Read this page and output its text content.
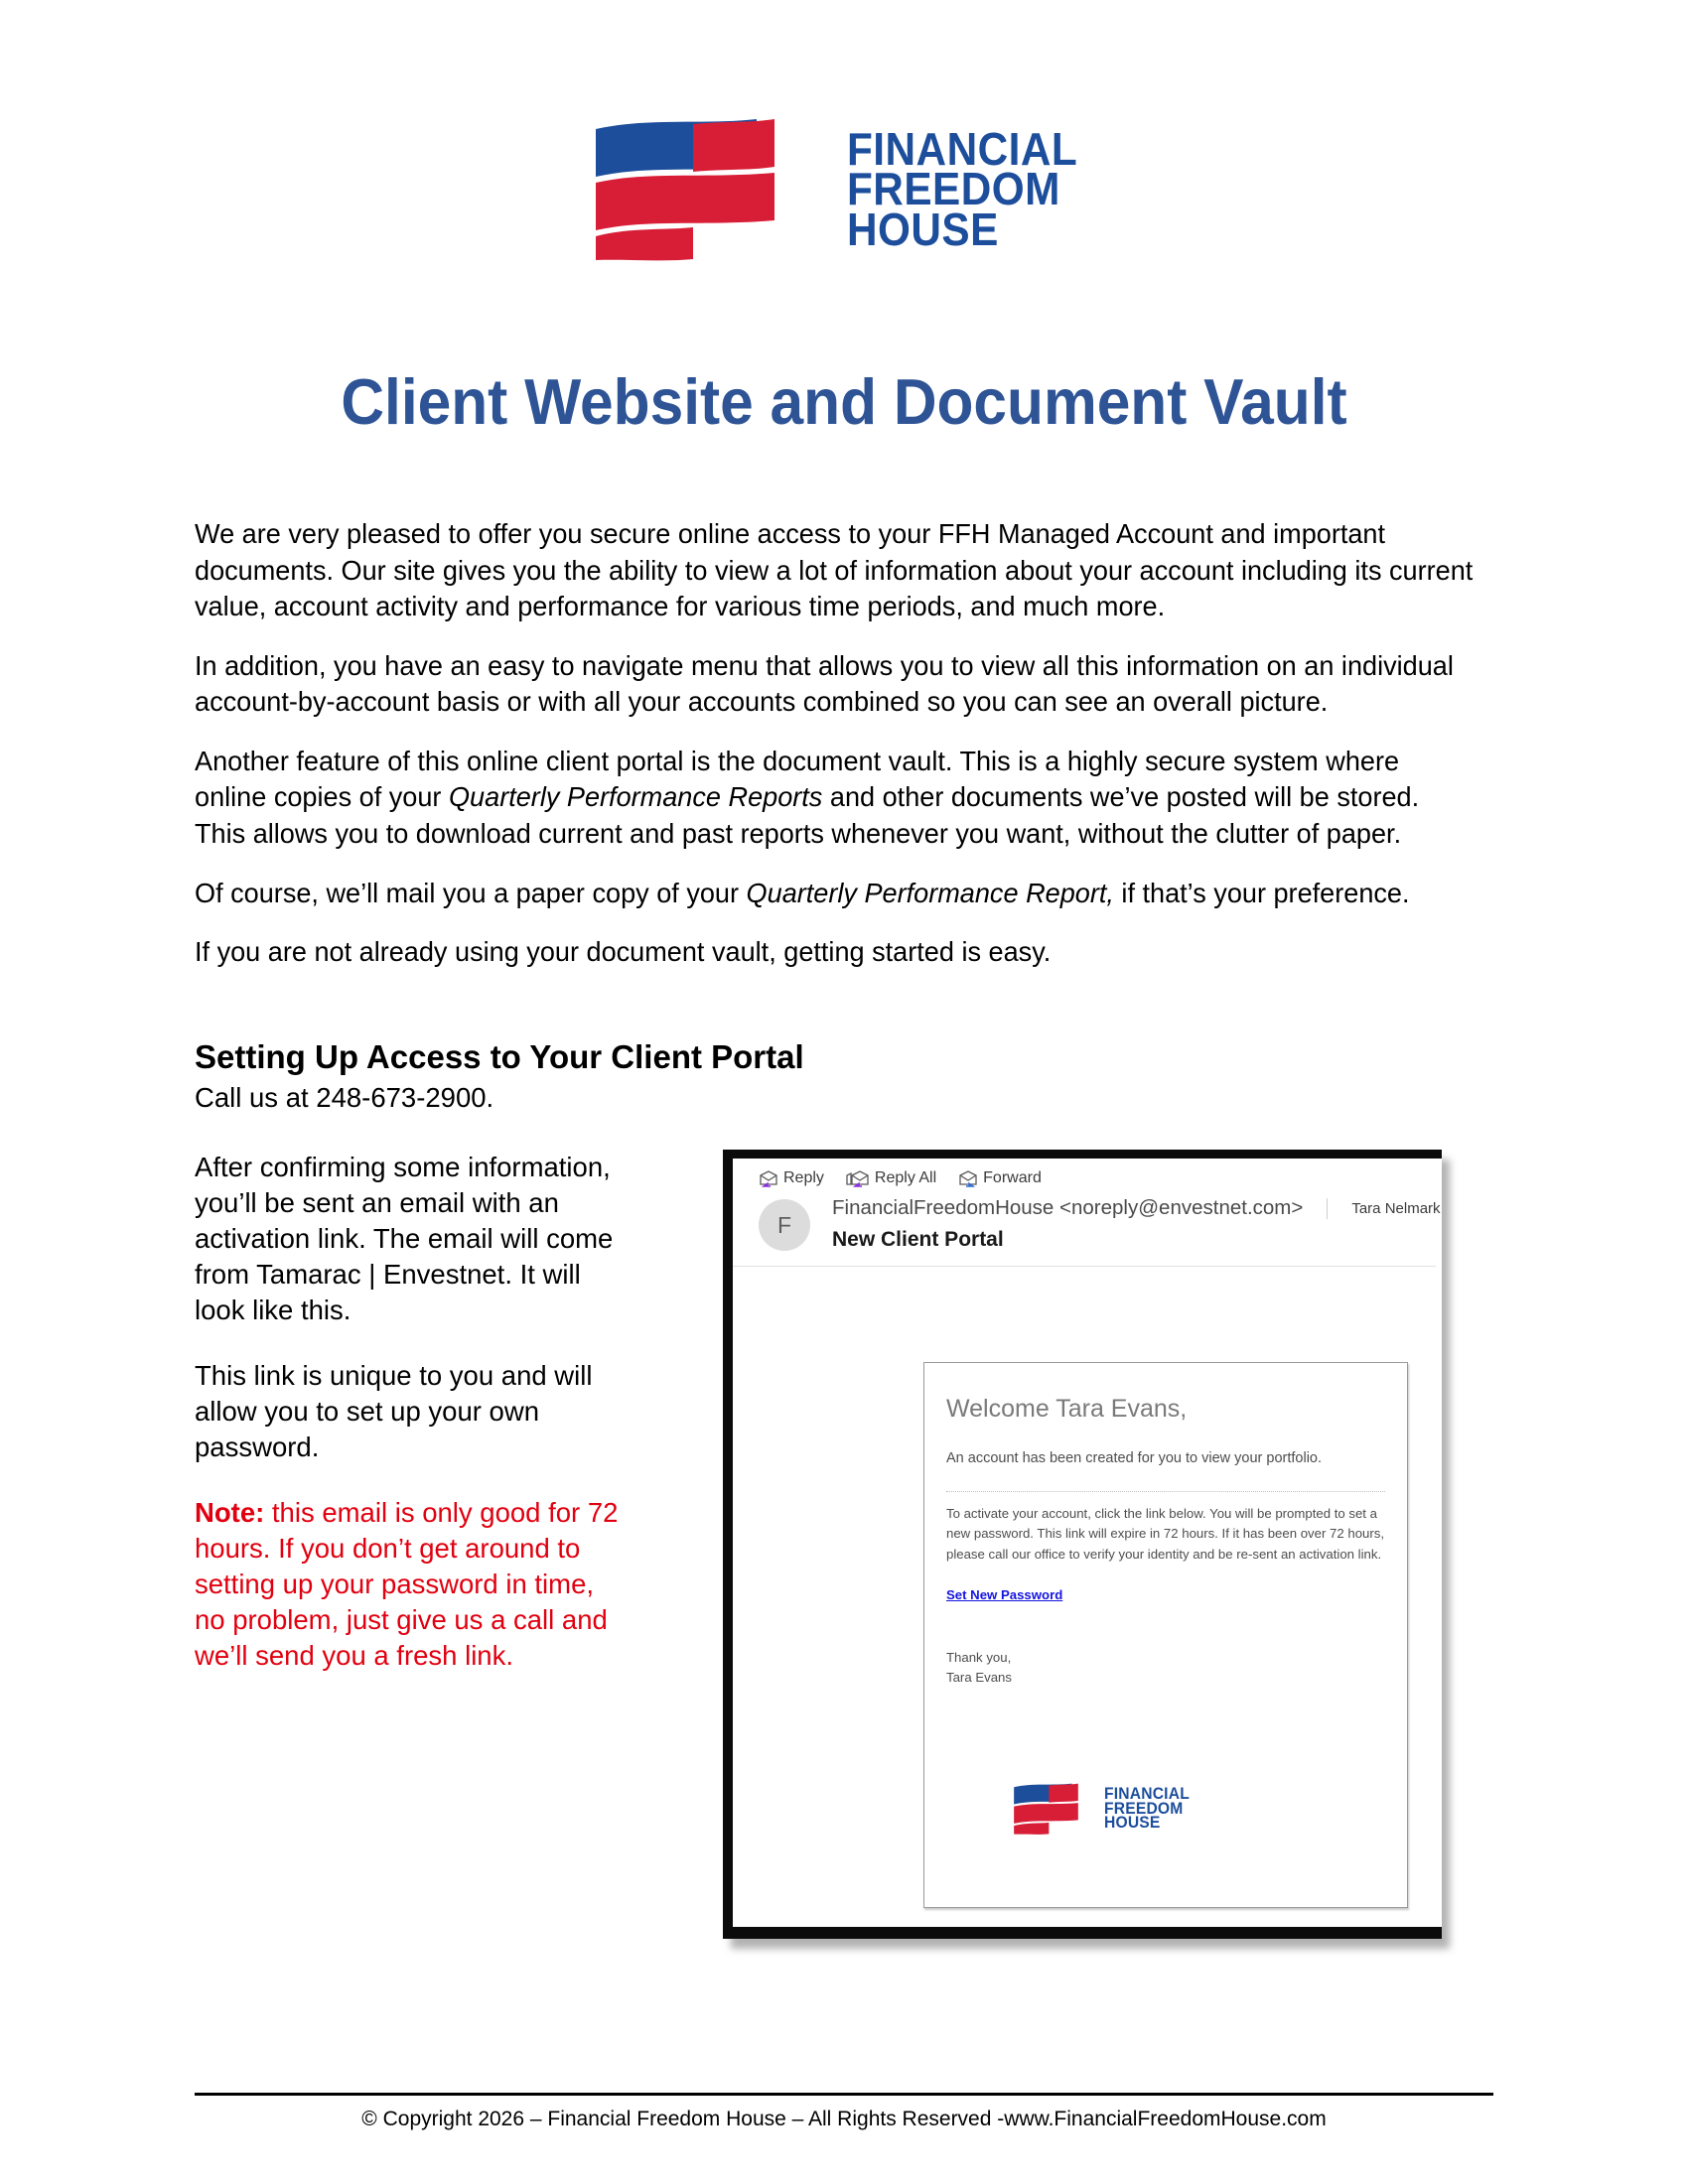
FINANCIAL
FREEDOM
HOUSE
Client Website and Document Vault

We are very pleased to offer you secure online access to your FFH Managed Account and important documents. Our site gives you the ability to view a lot of information about your account including its current value, account activity and performance for various time periods, and much more.

In addition, you have an easy to navigate menu that allows you to view all this information on an individual account-by-account basis or with all your accounts combined so you can see an overall picture.

Another feature of this online client portal is the document vault. This is a highly secure system where online copies of your Quarterly Performance Reports and other documents we’ve posted will be stored. This allows you to download current and past reports whenever you want, without the clutter of paper.

Of course, we’ll mail you a paper copy of your Quarterly Performance Report, if that’s your preference.

If you are not already using your document vault, getting started is easy.

Setting Up Access to Your Client Portal
Call us at 248-673-2900.

After confirming some information, you’ll be sent an email with an activation link. The email will come from Tamarac | Envestnet. It will look like this.

This link is unique to you and will allow you to set up your own password.

Note: this email is only good for 72 hours. If you don’t get around to setting up your password in time, no problem, just give us a call and we’ll send you a fresh link.

Reply	Reply All	Forward
F
FinancialFreedomHouse <noreply@envestnet.com>	Tara Nelmark
New Client Portal
Welcome Tara Evans,
An account has been created for you to view your portfolio.

To activate your account, click the link below. You will be prompted to set a new password. This link will expire in 72 hours. If it has been over 72 hours, please call our office to verify your identity and be re-sent an activation link.

Set New Password
Thank you,
Tara Evans
FINANCIAL
FREEDOM
HOUSE
© Copyright 2026 – Financial Freedom House – All Rights Reserved -www.FinancialFreedomHouse.com
